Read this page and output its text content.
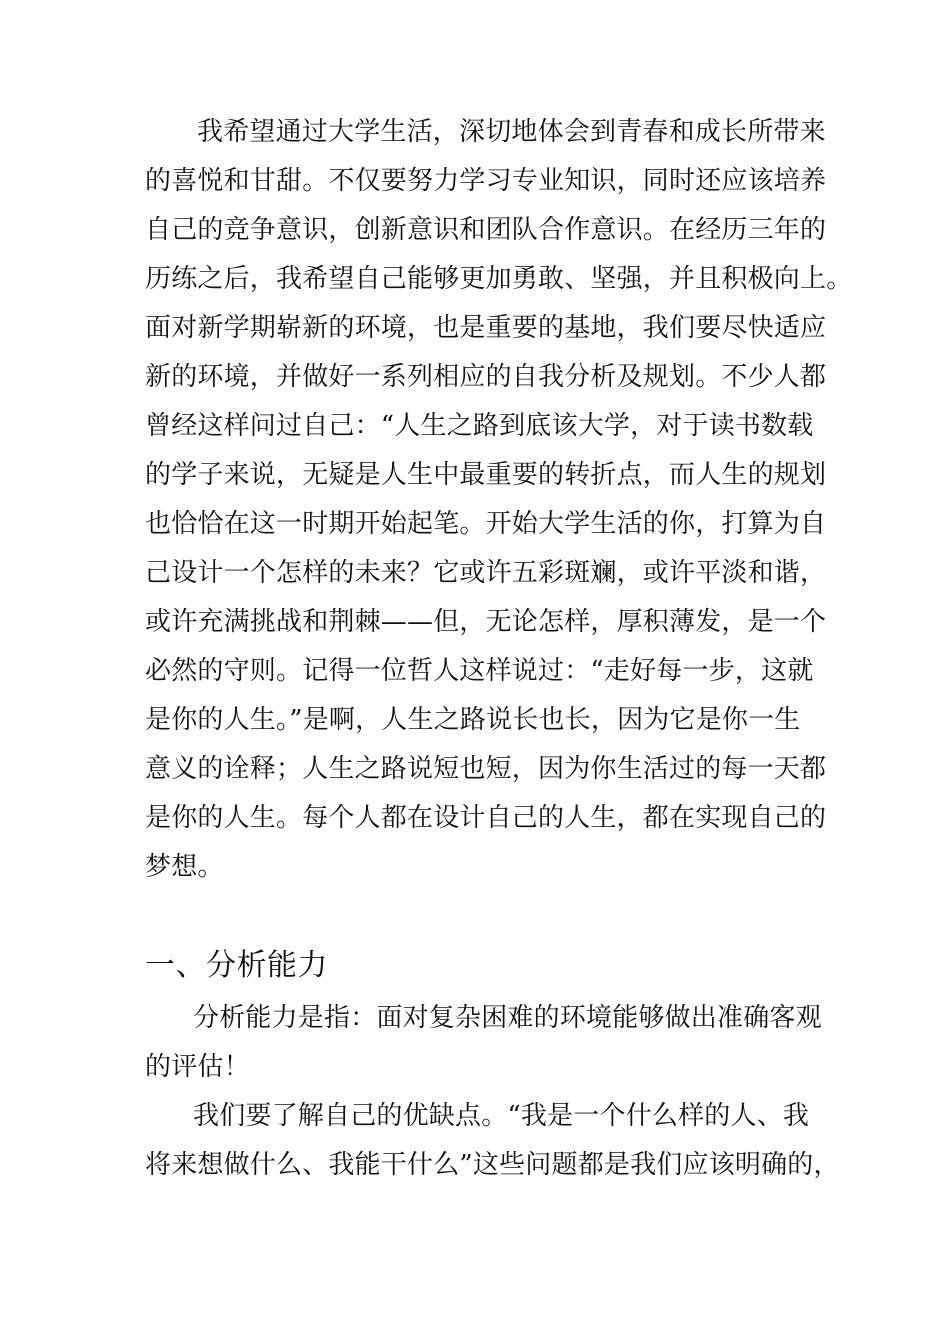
我希望通过大学生活，深切地体会到青春和成长所带来
的喜悦和甘甜。不仅要努力学习专业知识，同时还应该培养
自己的竞争意识，创新意识和团队合作意识。在经历三年的
历练之后，我希望自己能够更加勇敢、坚强，并且积极向上。
面对新学期崭新的环境，也是重要的基地，我们要尽快适应
新的环境，并做好一系列相应的自我分析及规划。不少人都
曾经这样问过自己：“人生之路到底该大学，对于读书数载
的学子来说，无疑是人生中最重要的转折点，而人生的规划
也恰恰在这一时期开始起笔。开始大学生活的你，打算为自
己设计一个怎样的未来？它或许五彩斑斓，或许平淡和谐，
或许充满挑战和荆棘——但，无论怎样，厚积薄发，是一个
必然的守则。记得一位哲人这样说过：“走好每一步，这就
是你的人生。”是啊，人生之路说长也长，因为它是你一生
意义的诠释；人生之路说短也短，因为你生活过的每一天都
是你的人生。每个人都在设计自己的人生，都在实现自己的
梦想。
一、分析能力
分析能力是指：面对复杂困难的环境能够做出准确客观
的评估！
我们要了解自己的优缺点。“我是一个什么样的人、我
将来想做什么、我能干什么”这些问题都是我们应该明确的，
